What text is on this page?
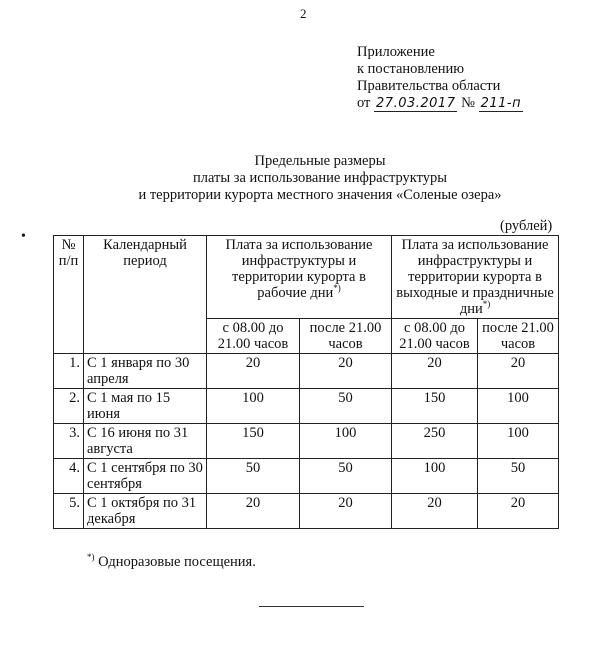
2
Приложение
к постановлению
Правительства области
от 27.03.2017 № 211-п
Предельные размеры
платы за использование инфраструктуры
и территории курорта местного значения «Соленые озера»
•
(рублей)
№ п/п	Календарный период	Плата за использование инфраструктуры и территории курорта в рабочие дни*)		Плата за использование инфраструктуры и территории курорта в выходные и праздничные дни*)
		с 08.00 до 21.00 часов	после 21.00 часов	с 08.00 до 21.00 часов	после 21.00 часов
1.	С 1 января по 30 апреля	20	20	20	20
2.	С 1 мая по 15 июня	100	50	150	100
3.	С 16 июня по 31 августа	150	100	250	100
4.	С 1 сентября по 30 сентября	50	50	100	50
5.	С 1 октября по 31 декабря	20	20	20	20
*) Одноразовые посещения.
